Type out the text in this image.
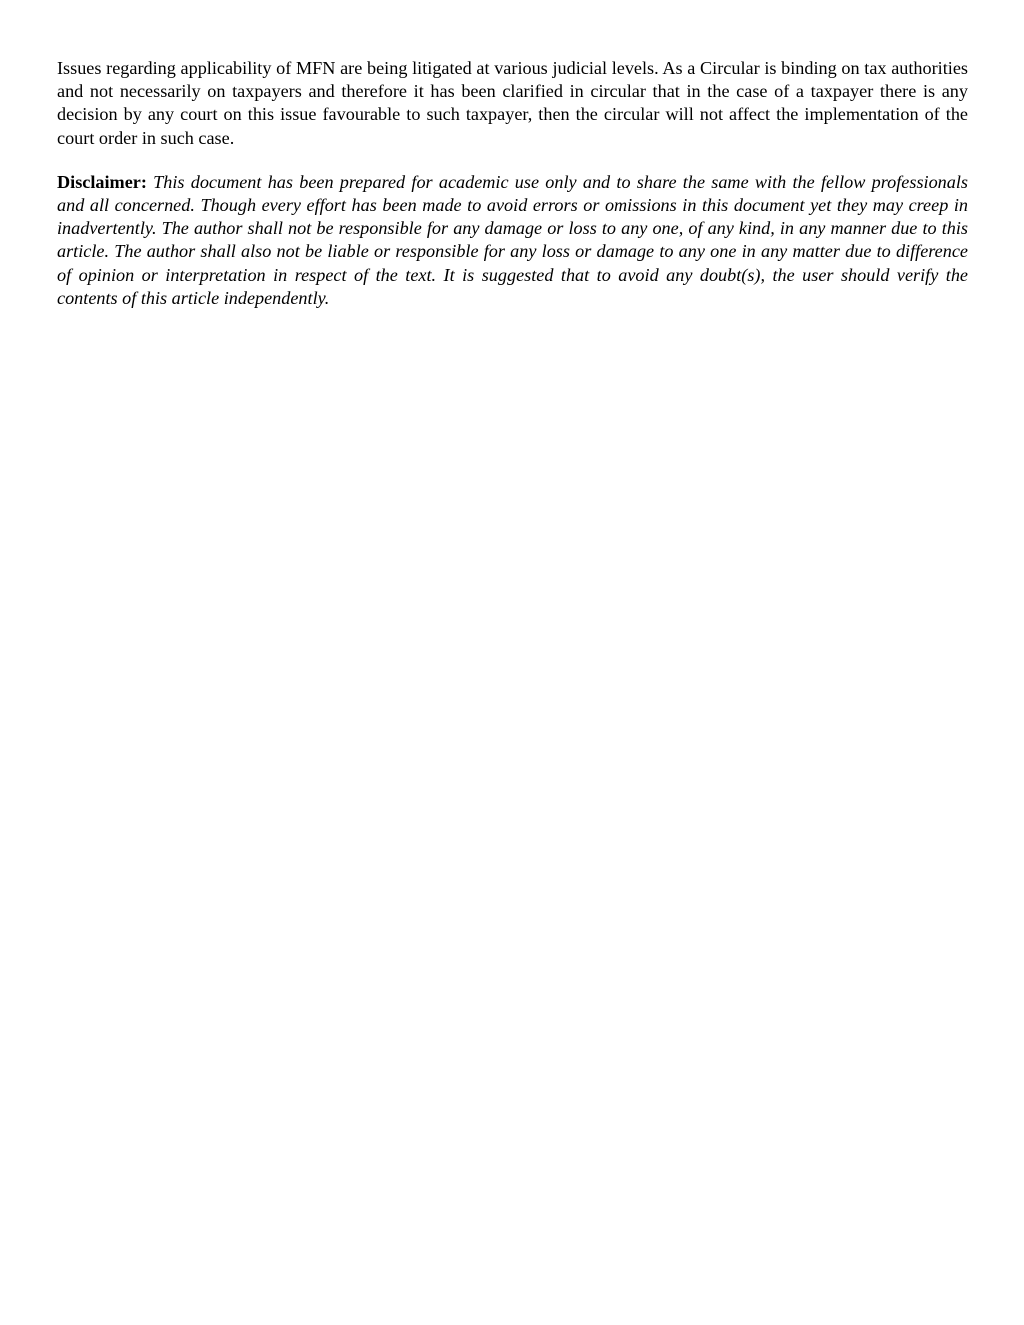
Issues regarding applicability of MFN are being litigated at various judicial levels. As a Circular is binding on tax authorities and not necessarily on taxpayers and therefore it has been clarified in circular that in the case of a taxpayer there is any decision by any court on this issue favourable to such taxpayer, then the circular will not affect the implementation of the court order in such case.

Disclaimer: This document has been prepared for academic use only and to share the same with the fellow professionals and all concerned. Though every effort has been made to avoid errors or omissions in this document yet they may creep in inadvertently. The author shall not be responsible for any damage or loss to any one, of any kind, in any manner due to this article. The author shall also not be liable or responsible for any loss or damage to any one in any matter due to difference of opinion or interpretation in respect of the text. It is suggested that to avoid any doubt(s), the user should verify the contents of this article independently.
